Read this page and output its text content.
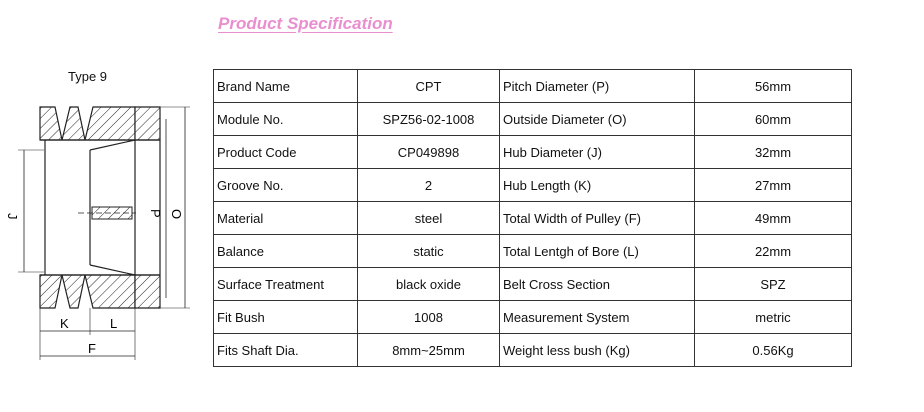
Product Specification
Type 9
J	P O
K	L
F
Brand Name	CPT	Pitch Diameter (P)	56mm
Module No.	SPZ56-02-1008	Outside Diameter (O)	60mm
Product Code	CP049898	Hub Diameter (J)	32mm
Groove No.	2	Hub Length (K)	27mm
Material	steel	Total Width of Pulley (F)	49mm
Balance	static	Total Lentgh of Bore (L)	22mm
Surface Treatment	black oxide	Belt Cross Section	SPZ
Fit Bush	1008	Measurement System	metric
Fits Shaft Dia.	8mm~25mm	Weight less bush (Kg)	0.56Kg
